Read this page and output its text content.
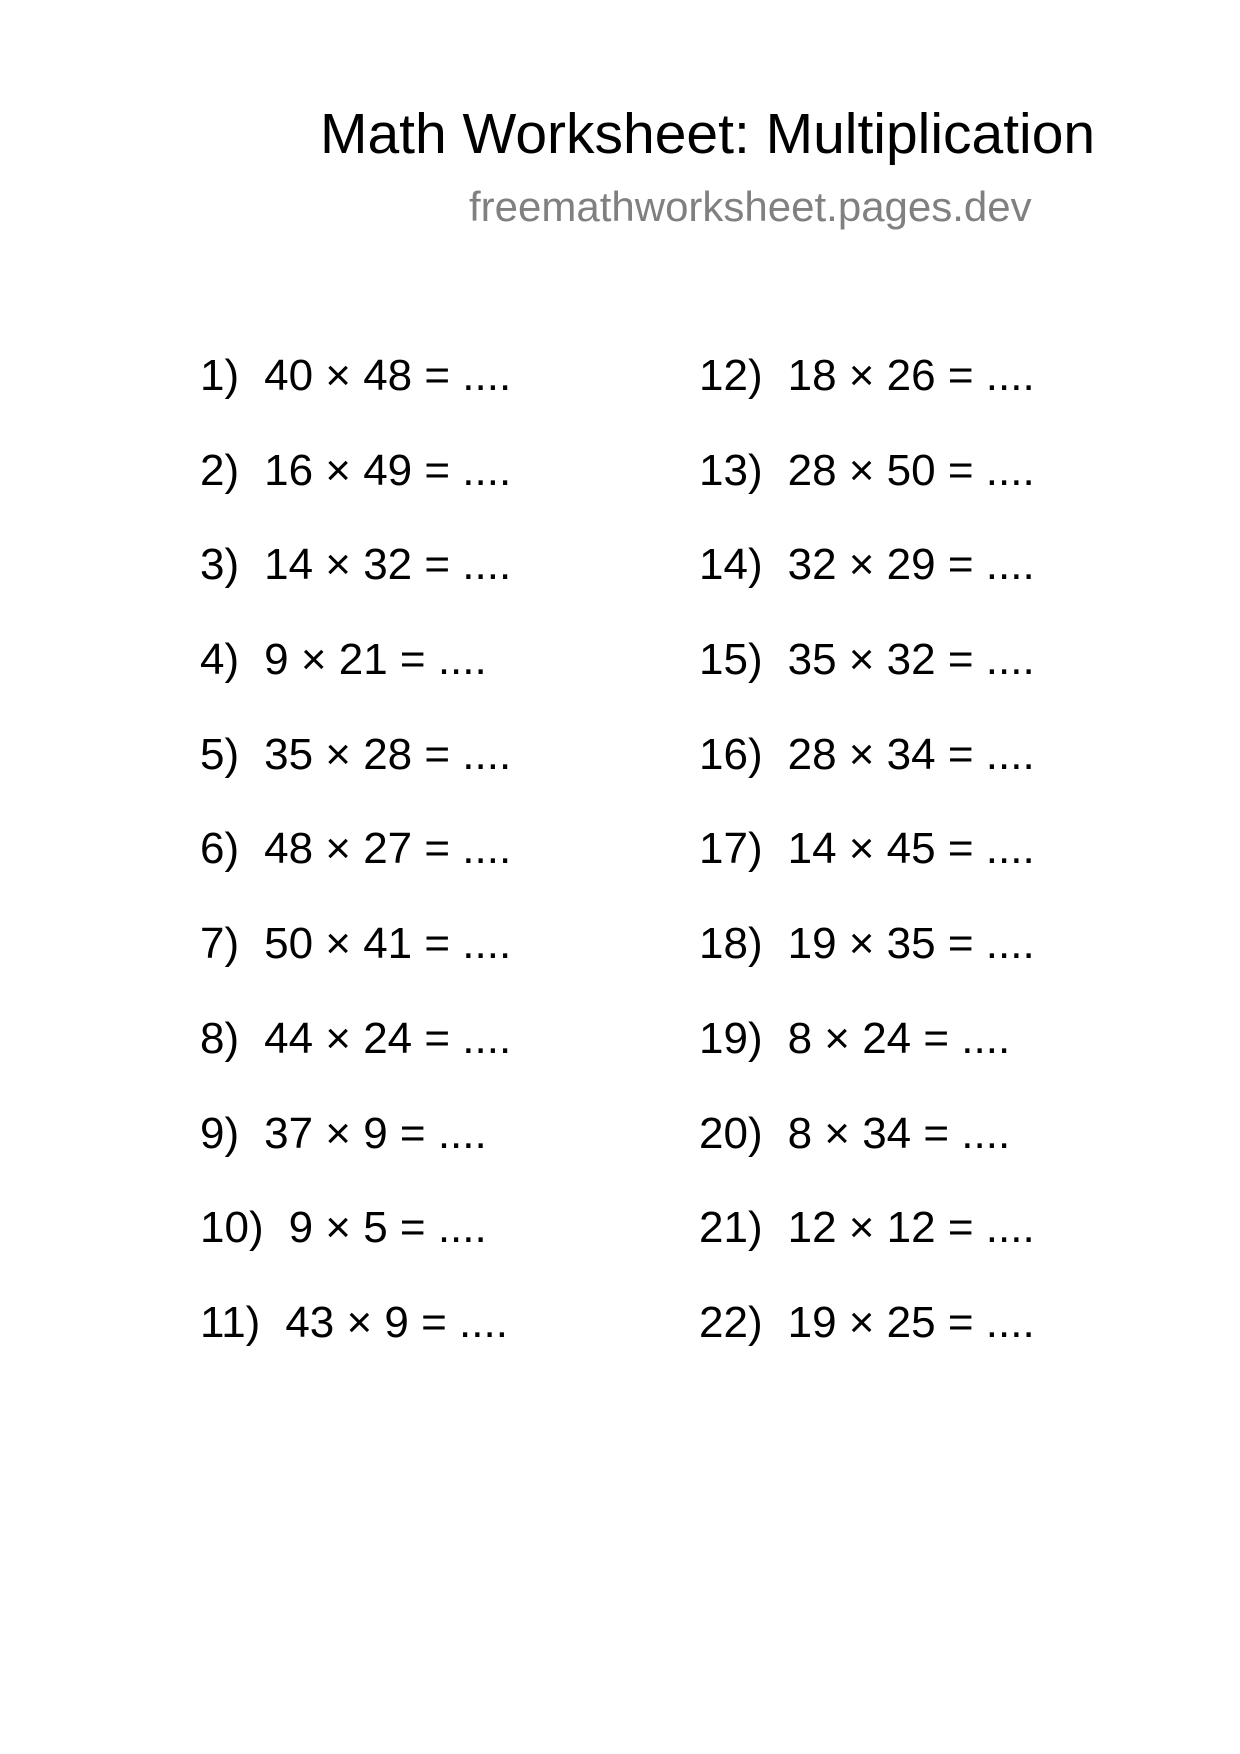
Math Worksheet: Multiplication
freemathworksheet.pages.dev
1) 40 × 48 = ....
2) 16 × 49 = ....
3) 14 × 32 = ....
4) 9 × 21 = ....
5) 35 × 28 = ....
6) 48 × 27 = ....
7) 50 × 41 = ....
8) 44 × 24 = ....
9) 37 × 9 = ....
10) 9 × 5 = ....
11) 43 × 9 = ....
12) 18 × 26 = ....
13) 28 × 50 = ....
14) 32 × 29 = ....
15) 35 × 32 = ....
16) 28 × 34 = ....
17) 14 × 45 = ....
18) 19 × 35 = ....
19) 8 × 24 = ....
20) 8 × 34 = ....
21) 12 × 12 = ....
22) 19 × 25 = ....
